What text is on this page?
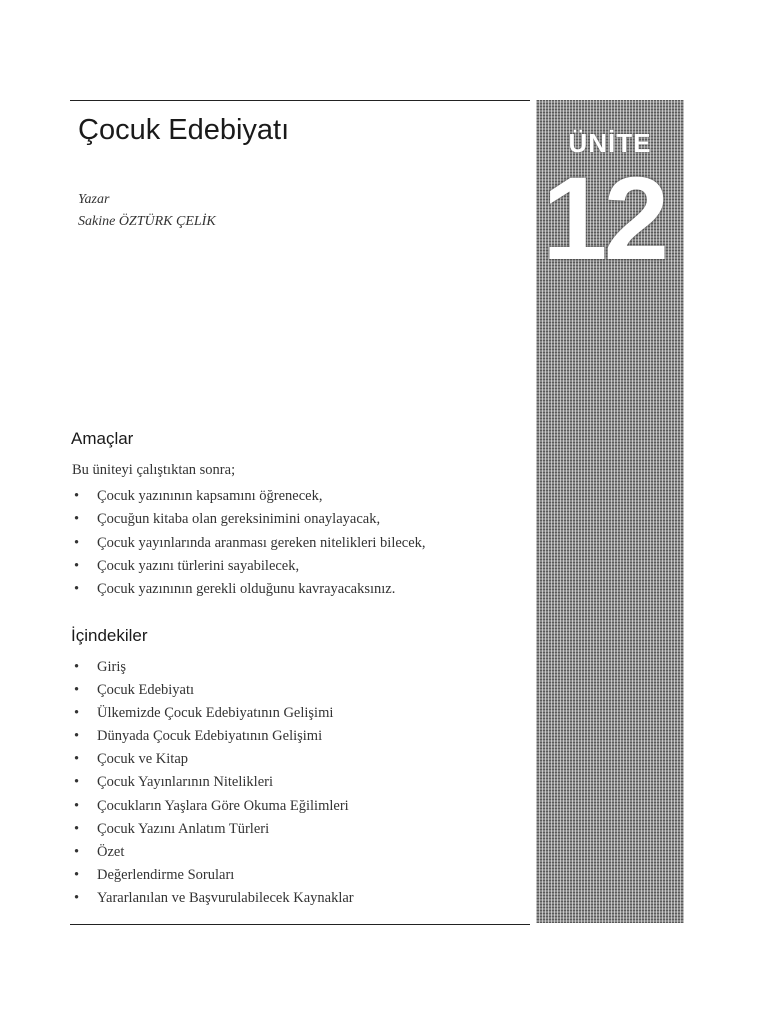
ÜNİTE
12
Çocuk Edebiyatı
Yazar
Sakine ÖZTÜRK ÇELİK
Amaçlar
Bu üniteyi çalıştıktan sonra;
• Çocuk yazınının kapsamını öğrenecek,
• Çocuğun kitaba olan gereksinimini onaylayacak,
• Çocuk yayınlarında aranması gereken nitelikleri bilecek,
• Çocuk yazını türlerini sayabilecek,
• Çocuk yazınının gerekli olduğunu kavrayacaksınız.
İçindekiler
• Giriş
• Çocuk Edebiyatı
• Ülkemizde Çocuk Edebiyatının Gelişimi
• Dünyada Çocuk Edebiyatının Gelişimi
• Çocuk ve Kitap
• Çocuk Yayınlarının Nitelikleri
• Çocukların Yaşlara Göre Okuma Eğilimleri
• Çocuk Yazını Anlatım Türleri
• Özet
• Değerlendirme Soruları
• Yararlanılan ve Başvurulabilecek Kaynaklar
